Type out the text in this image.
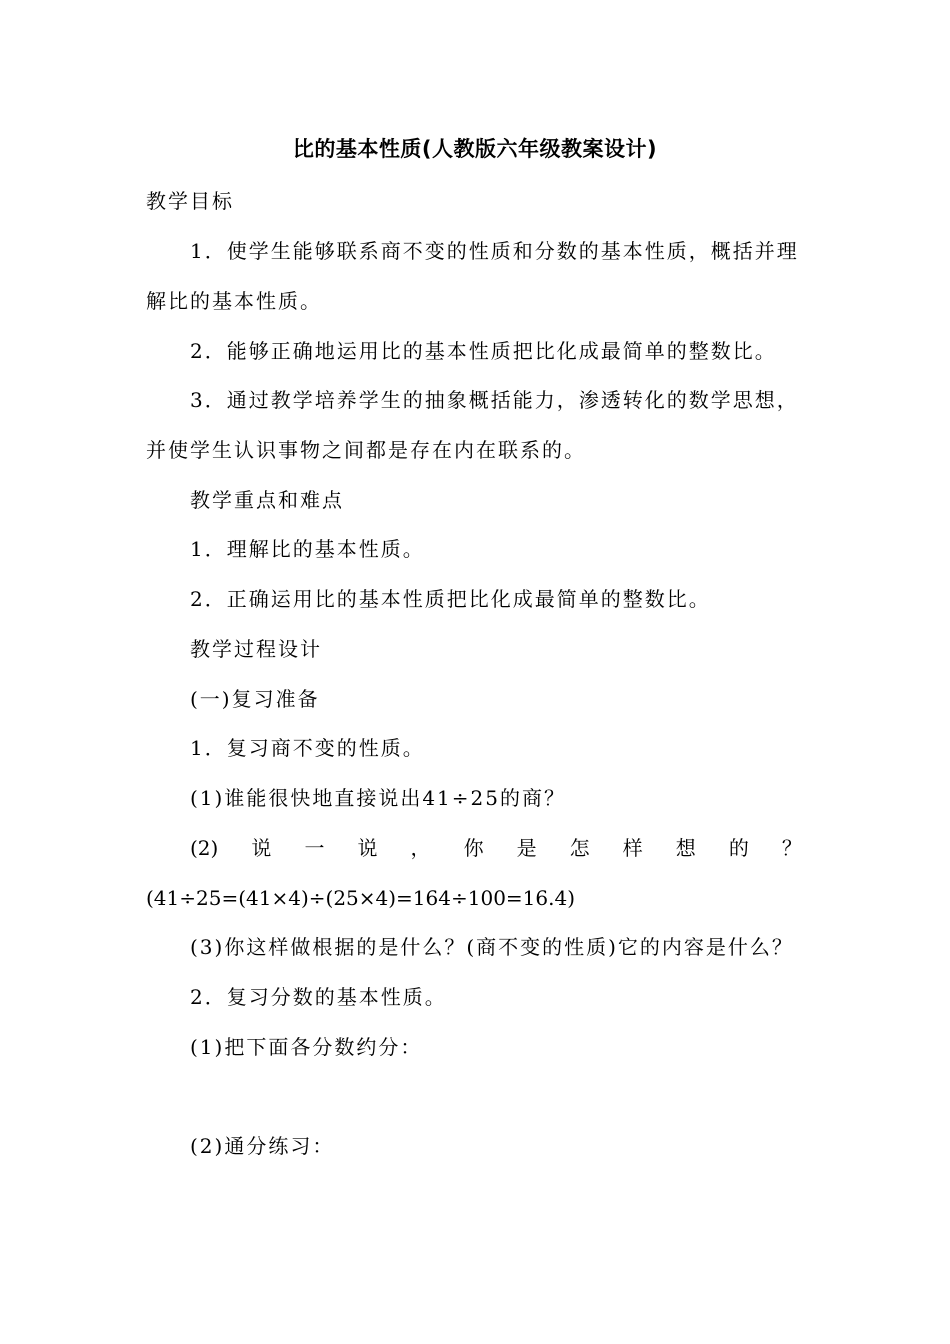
比的基本性质(人教版六年级教案设计)
教学目标
1．使学生能够联系商不变的性质和分数的基本性质，概括并理
解比的基本性质。
2．能够正确地运用比的基本性质把比化成最简单的整数比。
3．通过教学培养学生的抽象概括能力，渗透转化的数学思想，
并使学生认识事物之间都是存在内在联系的。
教学重点和难点
1．理解比的基本性质。
2．正确运用比的基本性质把比化成最简单的整数比。
教学过程设计
(一)复习准备
1．复习商不变的性质。
(1)谁能很快地直接说出41÷25的商？
(2) 说 一 说 ， 你 是 怎 样 想 的 ？
(41÷25=(41×4)÷(25×4)=164÷100=16.4)
(3)你这样做根据的是什么？(商不变的性质)它的内容是什么？
2．复习分数的基本性质。
(1)把下面各分数约分：
(2)通分练习：
